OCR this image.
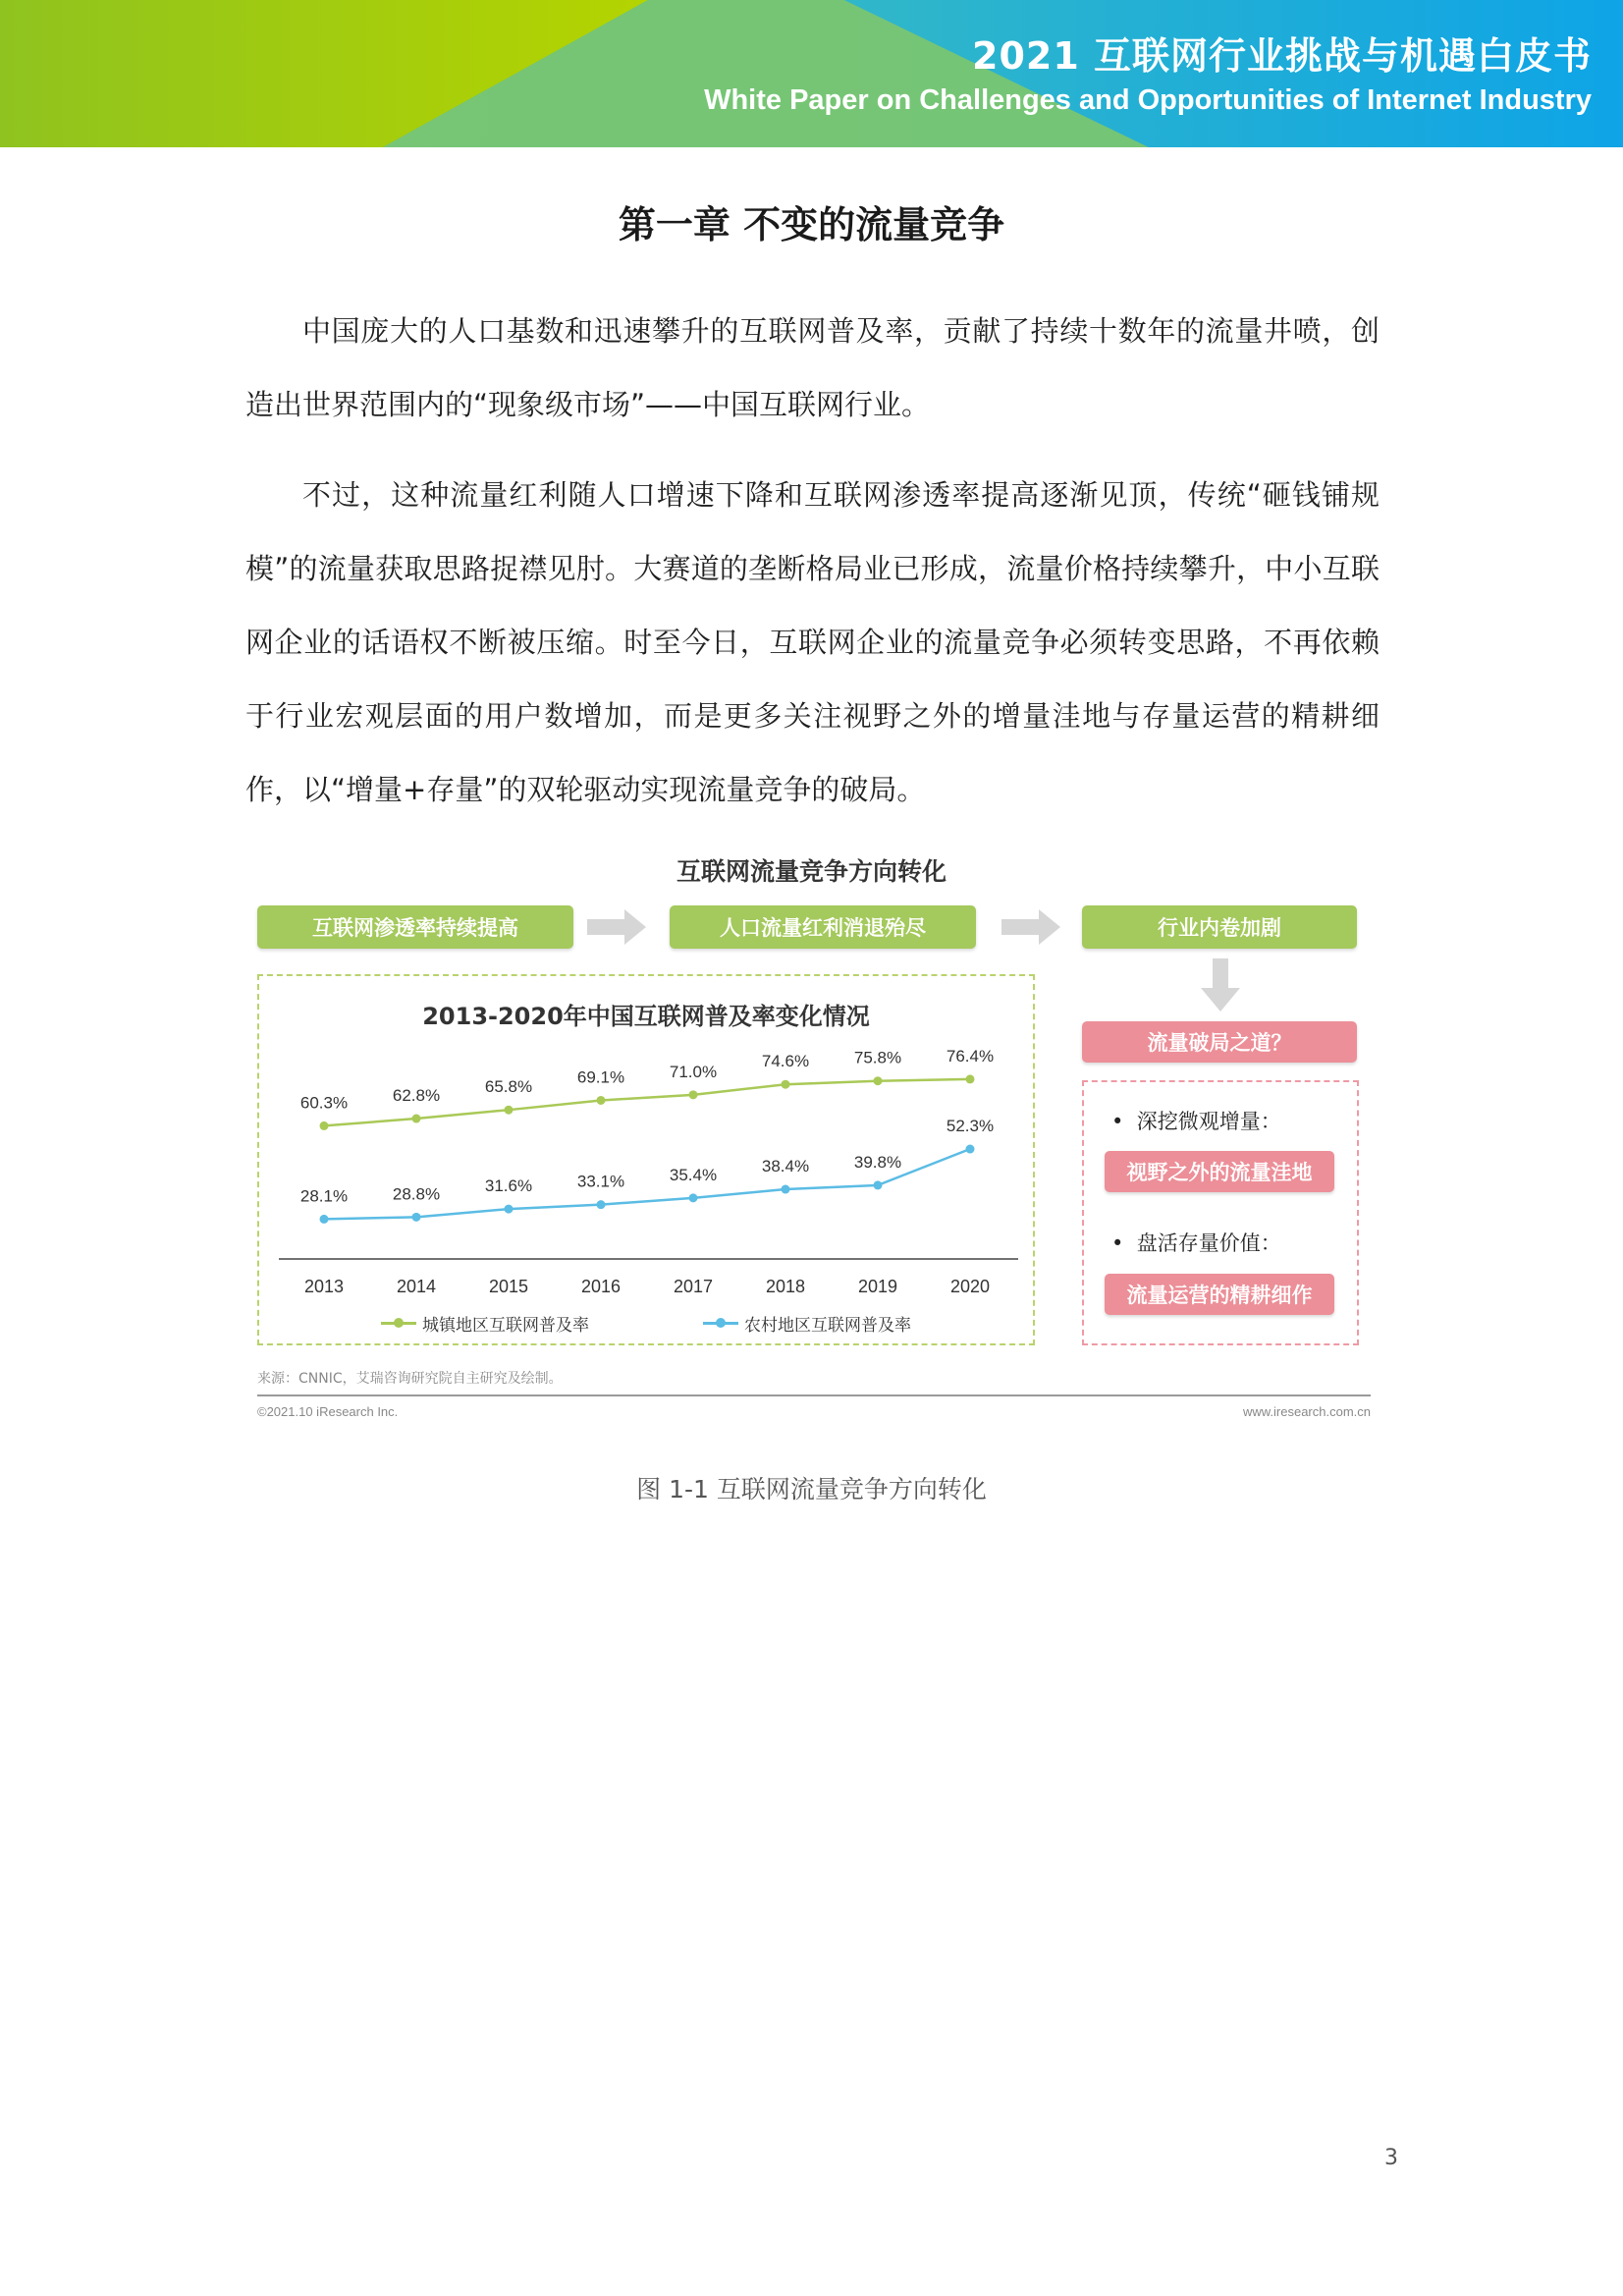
2021 互联网行业挑战与机遇白皮书
White Paper on Challenges and Opportunities of Internet Industry
第一章 不变的流量竞争

中国庞大的人口基数和迅速攀升的互联网普及率，贡献了持续十数年的流量井喷，创造出世界范围内的“现象级市场”——中国互联网行业。

不过，这种流量红利随人口增速下降和互联网渗透率提高逐渐见顶，传统“砸钱铺规模”的流量获取思路捉襟见肘。大赛道的垄断格局业已形成，流量价格持续攀升，中小互联网企业的话语权不断被压缩。时至今日，互联网企业的流量竞争必须转变思路，不再依赖于行业宏观层面的用户数增加，而是更多关注视野之外的增量洼地与存量运营的精耕细作，以“增量+存量”的双轮驱动实现流量竞争的破局。

互联网流量竞争方向转化
互联网渗透率持续提高	人口流量红利消退殆尽	行业内卷加剧
流量破局之道？
2013-2020年中国互联网普及率变化情况
2013	2014	2015	2016	2017	2018	2019	2020
60.3%	62.8%	65.8%
69.1%	71.0%
74.6%	75.8%	76.4%
28.1%	28.8%	31.6%	33.1%	35.4%	38.4%	39.8%
52.3%
城镇地区互联网普及率	农村地区互联网普及率
•  深挖微观增量：
视野之外的流量洼地
•  盘活存量价值：
流量运营的精耕细作
来源：CNNIC，艾瑞咨询研究院自主研究及绘制。
©2021.10 iResearch Inc.	www.iresearch.com.cn
图 1-1 互联网流量竞争方向转化
3
